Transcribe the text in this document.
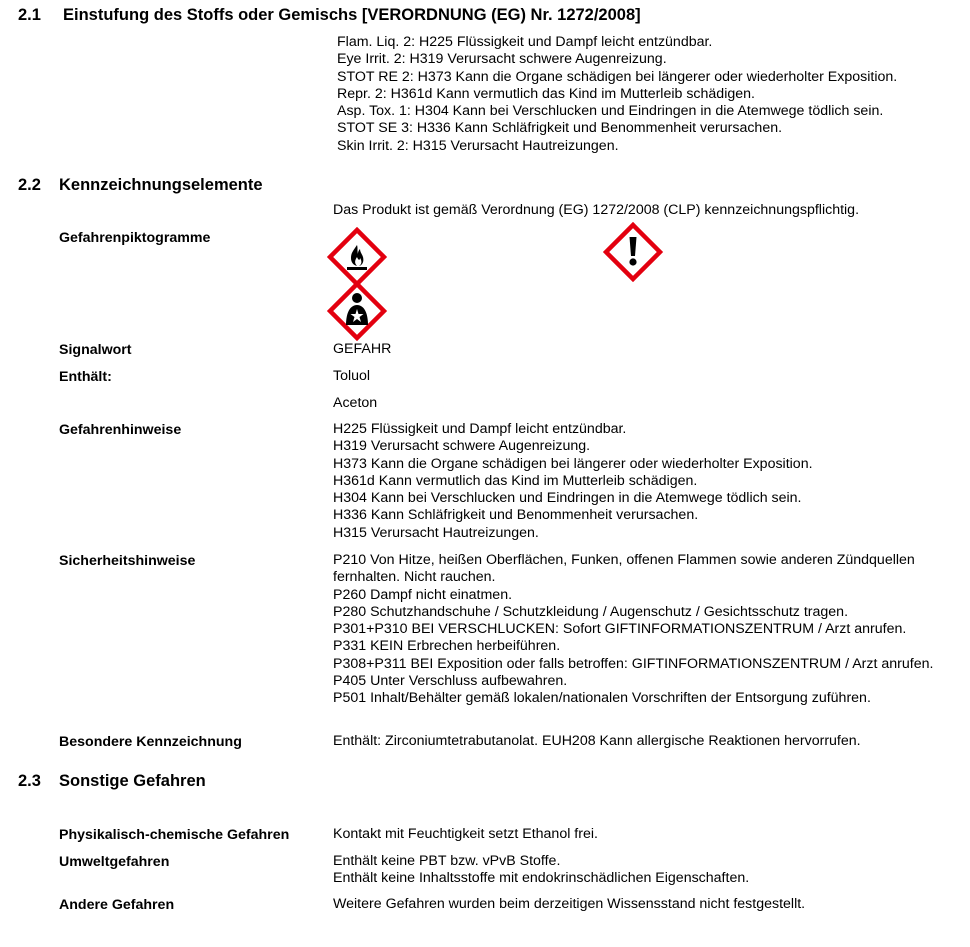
2.1 Einstufung des Stoffs oder Gemischs [VERORDNUNG (EG) Nr. 1272/2008]
Flam. Liq. 2: H225 Flüssigkeit und Dampf leicht entzündbar.
Eye Irrit. 2: H319 Verursacht schwere Augenreizung.
STOT RE 2: H373 Kann die Organe schädigen bei längerer oder wiederholter Exposition.
Repr. 2: H361d Kann vermutlich das Kind im Mutterleib schädigen.
Asp. Tox. 1: H304 Kann bei Verschlucken und Eindringen in die Atemwege tödlich sein.
STOT SE 3: H336 Kann Schläfrigkeit und Benommenheit verursachen.
Skin Irrit. 2: H315 Verursacht Hautreizungen.
2.2 Kennzeichnungselemente
Das Produkt ist gemäß Verordnung (EG) 1272/2008 (CLP) kennzeichnungspflichtig.
Gefahrenpiktogramme
Signalwort	GEFAHR
Enthält:	Toluol
Aceton
Gefahrenhinweise	H225 Flüssigkeit und Dampf leicht entzündbar.
H319 Verursacht schwere Augenreizung.
H373 Kann die Organe schädigen bei längerer oder wiederholter Exposition.
H361d Kann vermutlich das Kind im Mutterleib schädigen.
H304 Kann bei Verschlucken und Eindringen in die Atemwege tödlich sein.
H336 Kann Schläfrigkeit und Benommenheit verursachen.
H315 Verursacht Hautreizungen.
Sicherheitshinweise	P210 Von Hitze, heißen Oberflächen, Funken, offenen Flammen sowie anderen Zündquellen fernhalten. Nicht rauchen.
P260 Dampf nicht einatmen.
P280 Schutzhandschuhe / Schutzkleidung / Augenschutz / Gesichtsschutz tragen.
P301+P310 BEI VERSCHLUCKEN: Sofort GIFTINFORMATIONSZENTRUM / Arzt anrufen.
P331 KEIN Erbrechen herbeiführen.
P308+P311 BEI Exposition oder falls betroffen: GIFTINFORMATIONSZENTRUM / Arzt anrufen.
P405 Unter Verschluss aufbewahren.
P501 Inhalt/Behälter gemäß lokalen/nationalen Vorschriften der Entsorgung zuführen.
Besondere Kennzeichnung	Enthält: Zirconiumtetrabutanolat. EUH208 Kann allergische Reaktionen hervorrufen.
2.3 Sonstige Gefahren
Physikalisch-chemische Gefahren	Kontakt mit Feuchtigkeit setzt Ethanol frei.
Umweltgefahren	Enthält keine PBT bzw. vPvB Stoffe.
Enthält keine Inhaltsstoffe mit endokrinschädlichen Eigenschaften.
Andere Gefahren	Weitere Gefahren wurden beim derzeitigen Wissensstand nicht festgestellt.
